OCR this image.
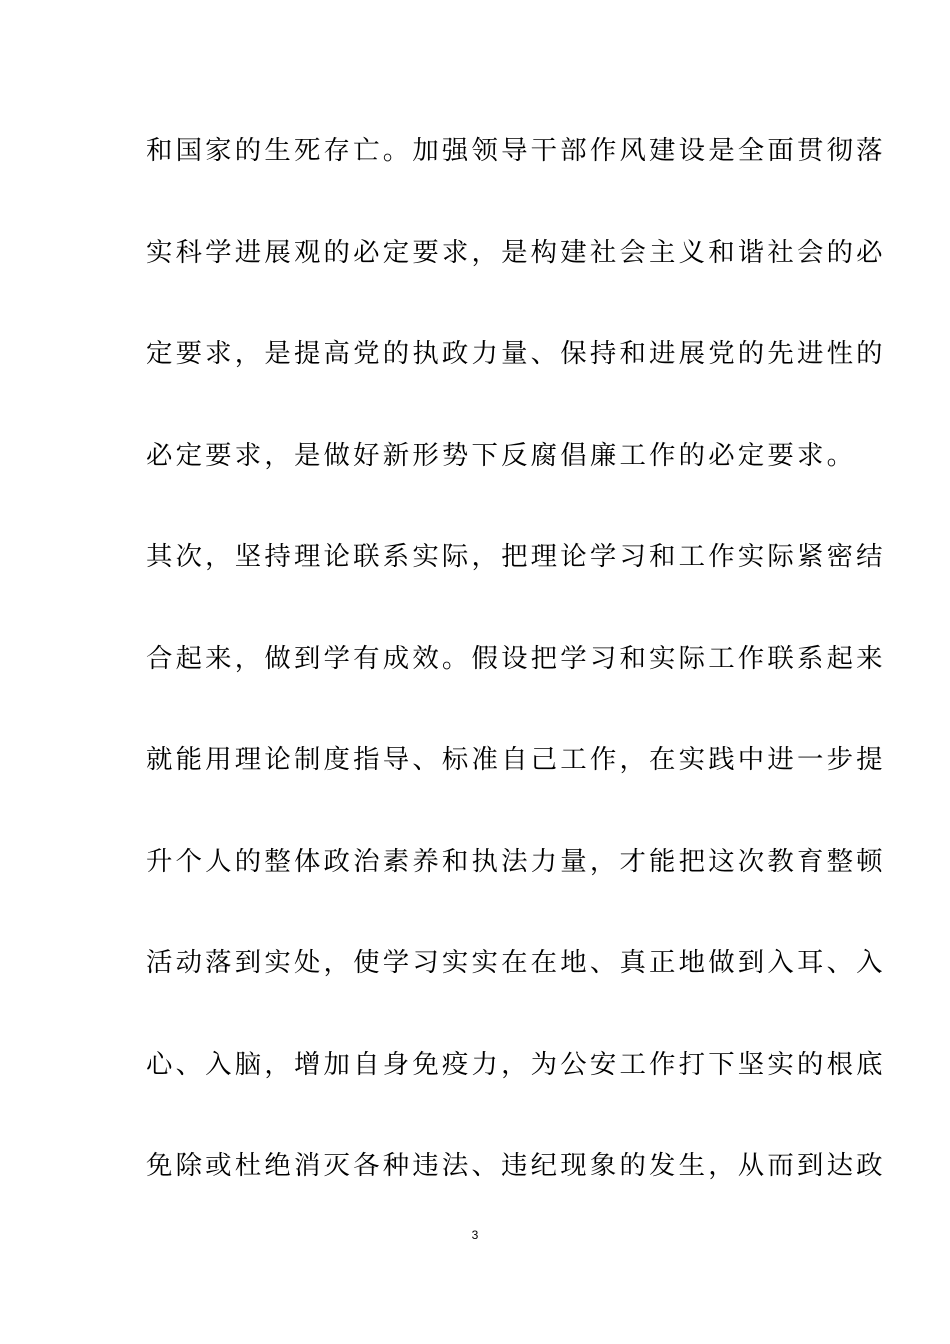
和国家的生死存亡。加强领导干部作风建设是全面贯彻落
实科学进展观的必定要求，是构建社会主义和谐社会的必
定要求，是提高党的执政力量、保持和进展党的先进性的
必定要求，是做好新形势下反腐倡廉工作的必定要求。
其次，坚持理论联系实际，把理论学习和工作实际紧密结
合起来，做到学有成效。假设把学习和实际工作联系起来
就能用理论制度指导、标准自己工作，在实践中进一步提
升个人的整体政治素养和执法力量，才能把这次教育整顿
活动落到实处，使学习实实在在地、真正地做到入耳、入
心、入脑，增加自身免疫力，为公安工作打下坚实的根底
免除或杜绝消灭各种违法、违纪现象的发生，从而到达政
3
